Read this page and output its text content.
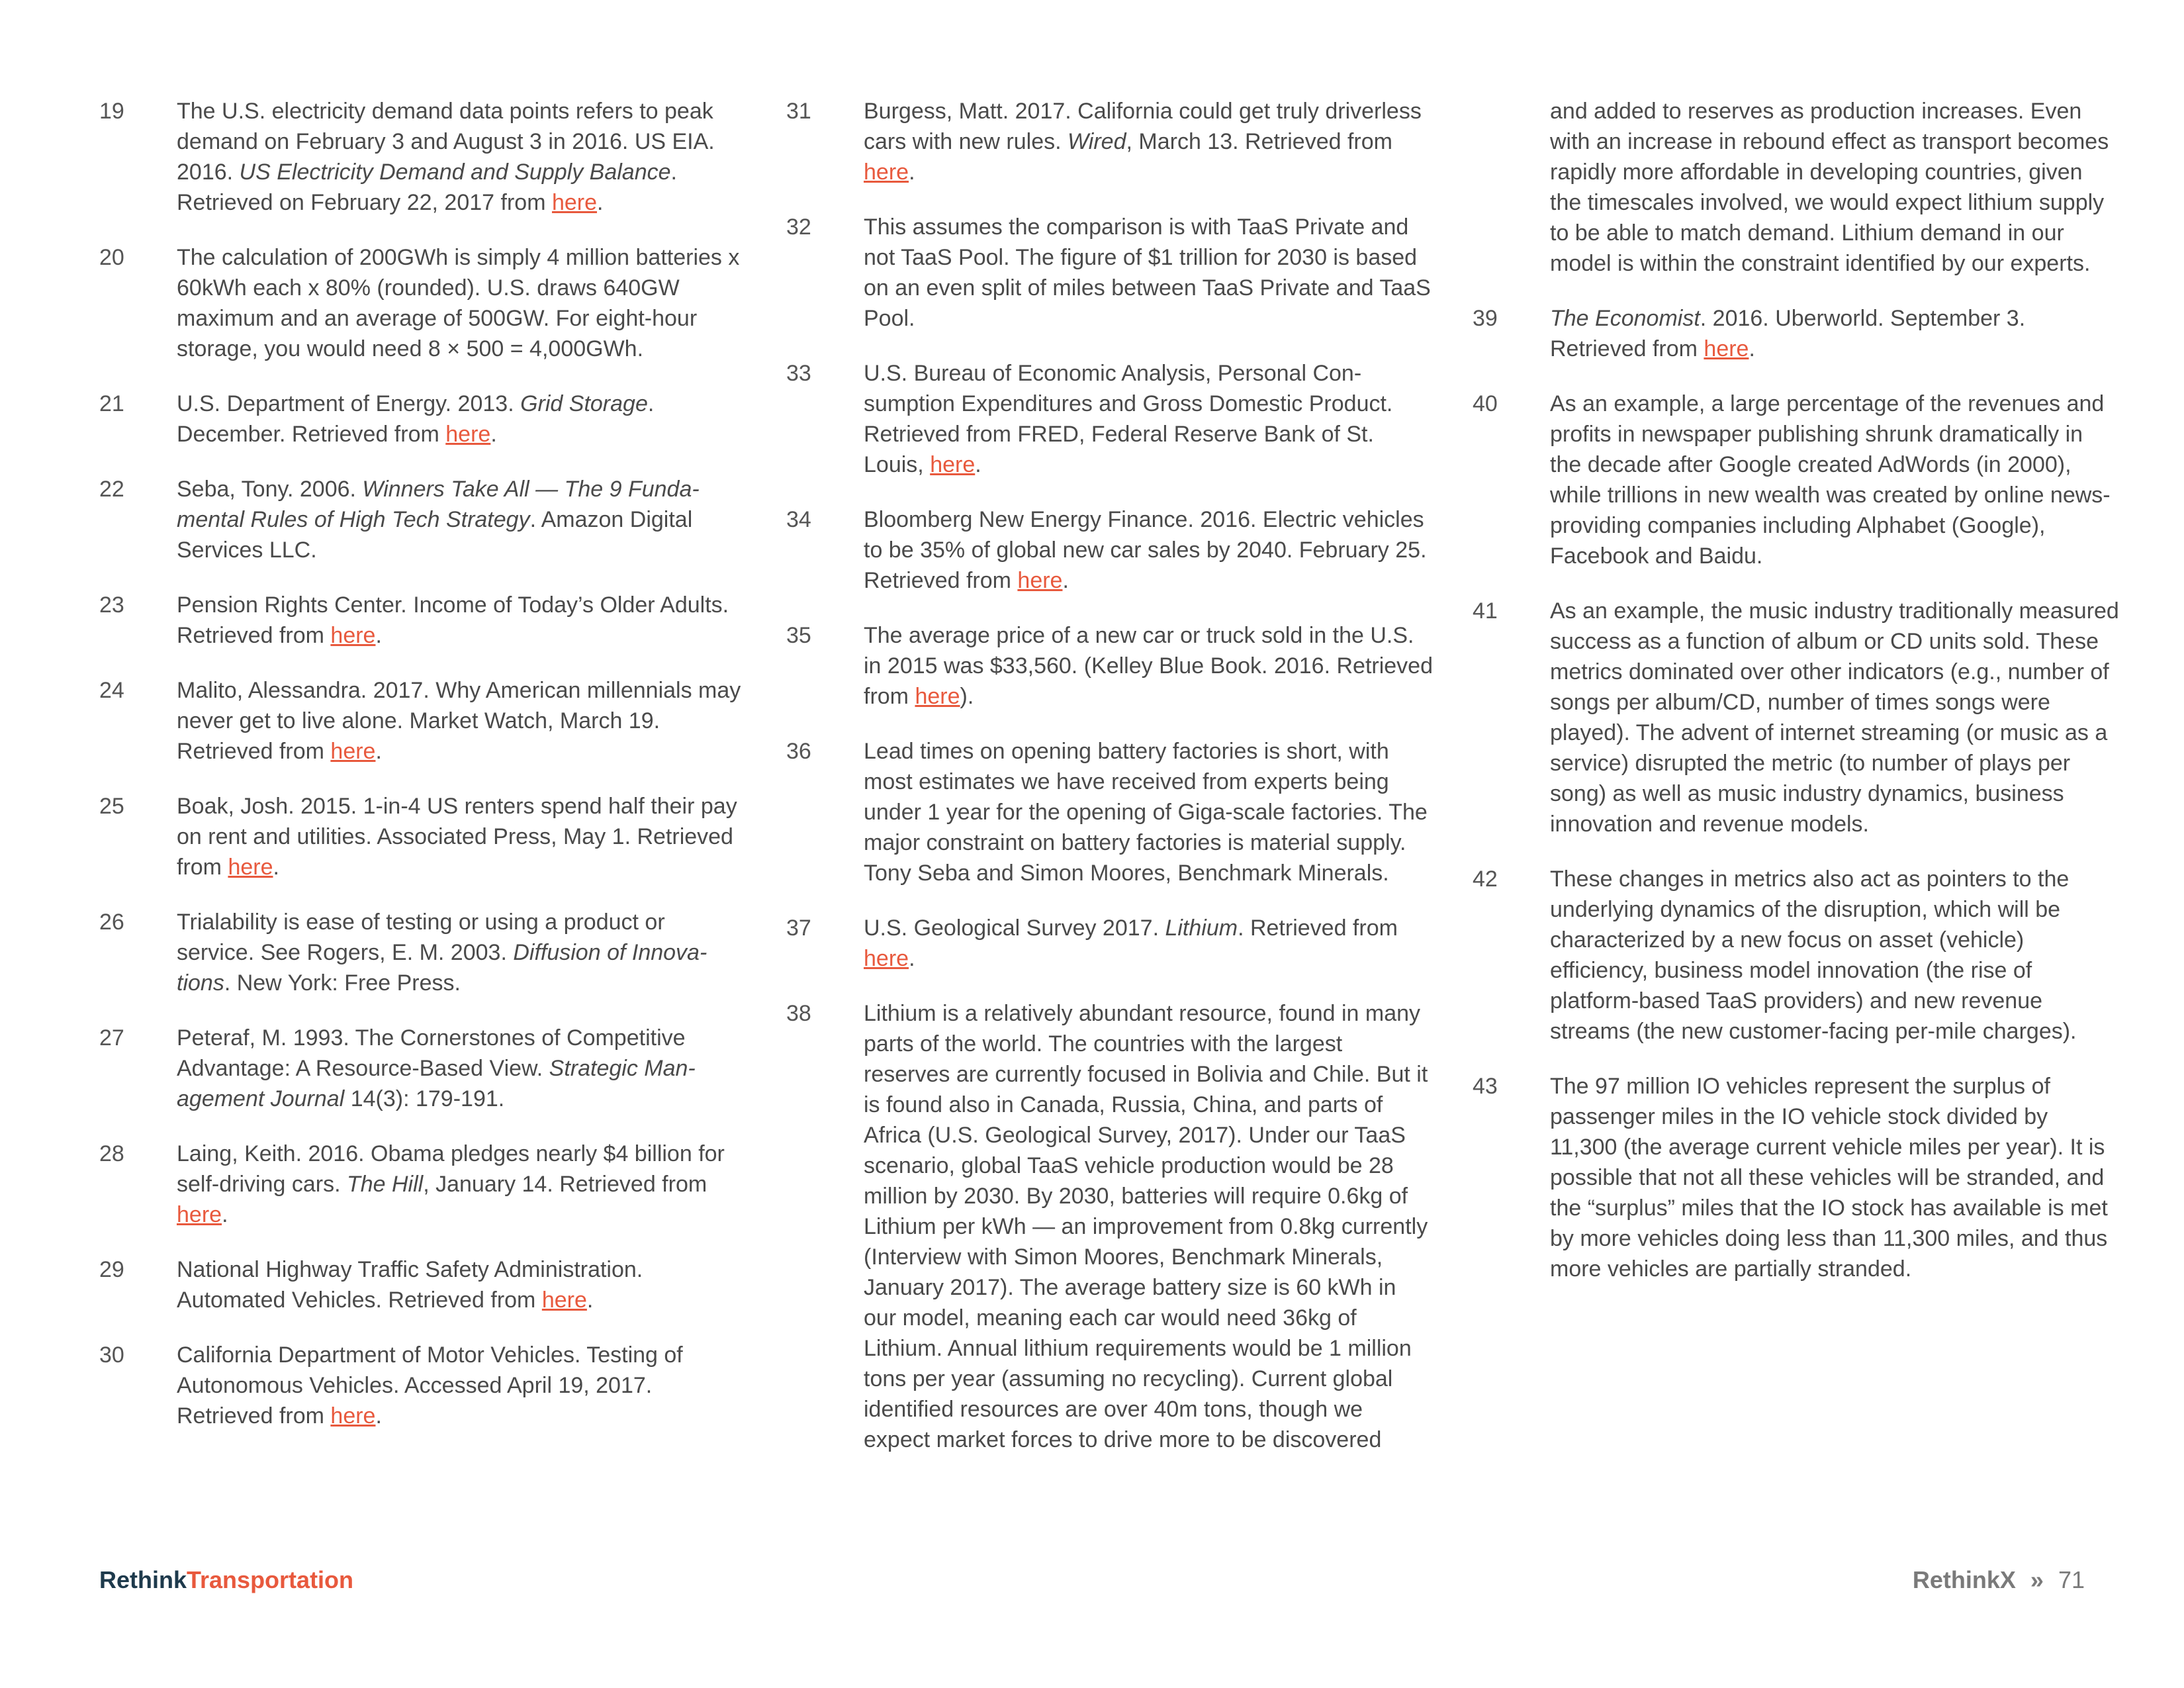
19	The U.S. electricity demand data points refers to peak demand on February 3 and August 3 in 2016. US EIA. 2016. US Electricity Demand and Supply Balance. Retrieved on February 22, 2017 from here.
20	The calculation of 200GWh is simply 4 million batteries x 60kWh each x 80% (rounded). U.S. draws 640GW maximum and an average of 500GW. For eight-hour storage, you would need 8 × 500 = 4,000GWh.
21	U.S. Department of Energy. 2013. Grid Storage. December. Retrieved from here.
22	Seba, Tony. 2006. Winners Take All — The 9 Fundamental Rules of High Tech Strategy. Amazon Digital Services LLC.
23	Pension Rights Center. Income of Today’s Older Adults. Retrieved from here.
24	Malito, Alessandra. 2017. Why American millennials may never get to live alone. Market Watch, March 19. Retrieved from here.
25	Boak, Josh. 2015. 1-in-4 US renters spend half their pay on rent and utilities. Associated Press, May 1. Retrieved from here.
26	Trialability is ease of testing or using a product or service. See Rogers, E. M. 2003. Diffusion of Innovations. New York: Free Press.
27	Peteraf, M. 1993. The Cornerstones of Competitive Advantage: A Resource-Based View. Strategic Management Journal 14(3): 179-191.
28	Laing, Keith. 2016. Obama pledges nearly $4 billion for self-driving cars. The Hill, January 14. Retrieved from here.
29	National Highway Traffic Safety Administration. Automated Vehicles. Retrieved from here.
30	California Department of Motor Vehicles. Testing of Autonomous Vehicles. Accessed April 19, 2017. Retrieved from here.
31	Burgess, Matt. 2017. California could get truly driverless cars with new rules. Wired, March 13. Retrieved from here.
32	This assumes the comparison is with TaaS Private and not TaaS Pool. The figure of $1 trillion for 2030 is based on an even split of miles between TaaS Private and TaaS Pool.
33	U.S. Bureau of Economic Analysis, Personal Consumption Expenditures and Gross Domestic Product. Retrieved from FRED, Federal Reserve Bank of St. Louis, here.
34	Bloomberg New Energy Finance. 2016. Electric vehicles to be 35% of global new car sales by 2040. February 25. Retrieved from here.
35	The average price of a new car or truck sold in the U.S. in 2015 was $33,560. (Kelley Blue Book. 2016. Retrieved from here).
36	Lead times on opening battery factories is short, with most estimates we have received from experts being under 1 year for the opening of Giga-scale factories. The major constraint on battery factories is material supply. Tony Seba and Simon Moores, Benchmark Minerals.
37	U.S. Geological Survey 2017. Lithium. Retrieved from here.
38	Lithium is a relatively abundant resource, found in many parts of the world. The countries with the largest reserves are currently focused in Bolivia and Chile. But it is found also in Canada, Russia, China, and parts of Africa (U.S. Geological Survey, 2017). Under our TaaS scenario, global TaaS vehicle production would be 28 million by 2030. By 2030, batteries will require 0.6kg of Lithium per kWh — an improvement from 0.8kg currently (Interview with Simon Moores, Benchmark Minerals, January 2017). The average battery size is 60 kWh in our model, meaning each car would need 36kg of Lithium. Annual lithium requirements would be 1 million tons per year (assuming no recycling). Current global identified resources are over 40m tons, though we expect market forces to drive more to be discovered
and added to reserves as production increases. Even with an increase in rebound effect as transport becomes rapidly more affordable in developing countries, given the timescales involved, we would expect lithium supply to be able to match demand. Lithium demand in our model is within the constraint identified by our experts.
39	The Economist. 2016. Uberworld. September 3. Retrieved from here.
40	As an example, a large percentage of the revenues and profits in newspaper publishing shrunk dramatically in the decade after Google created AdWords (in 2000), while trillions in new wealth was created by online news-providing companies including Alphabet (Google), Facebook and Baidu.
41	As an example, the music industry traditionally measured success as a function of album or CD units sold. These metrics dominated over other indicators (e.g., number of songs per album/CD, number of times songs were played). The advent of internet streaming (or music as a service) disrupted the metric (to number of plays per song) as well as music industry dynamics, business innovation and revenue models.
42	These changes in metrics also act as pointers to the underlying dynamics of the disruption, which will be characterized by a new focus on asset (vehicle) efficiency, business model innovation (the rise of platform-based TaaS providers) and new revenue streams (the new customer-facing per-mile charges).
43	The 97 million IO vehicles represent the surplus of passenger miles in the IO vehicle stock divided by 11,300 (the average current vehicle miles per year). It is possible that not all these vehicles will be stranded, and the “surplus” miles that the IO stock has available is met by more vehicles doing less than 11,300 miles, and thus more vehicles are partially stranded.
RethinkTransportation	RethinkX » 71
